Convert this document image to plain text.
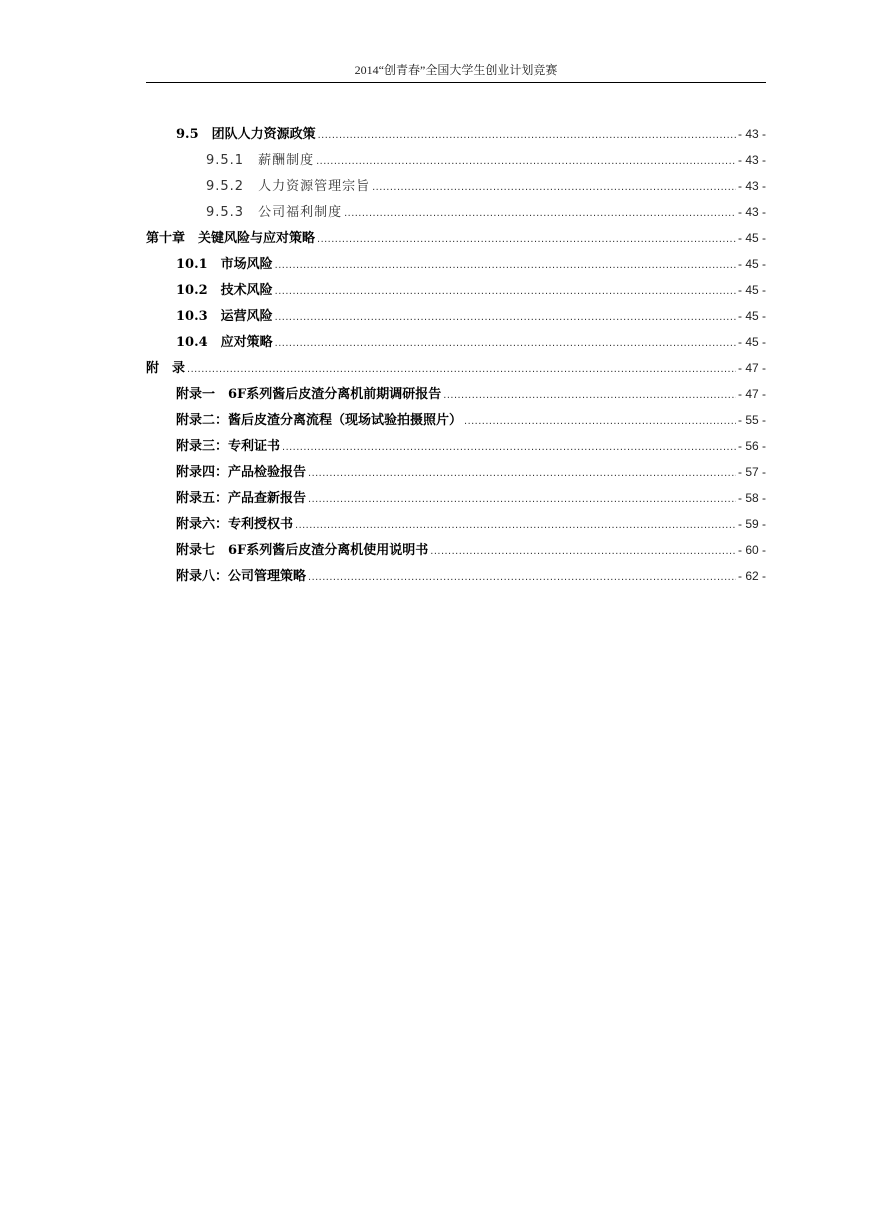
2014“创青春”全国大学生创业计划竞赛
9.5　团队人力资源政策 .....	- 43 -
9.5.1　薪酬制度 .....	- 43 -
9.5.2　人力资源管理宗旨 .....	- 43 -
9.5.3　公司福利制度 .....	- 43 -
第十章　关键风险与应对策略 .....	- 45 -
10.1　市场风险 .....	- 45 -
10.2　技术风险 .....	- 45 -
10.3　运营风险 .....	- 45 -
10.4　应对策略 .....	- 45 -
附　录 .....	- 47 -
附录一　6F系列酱后皮渣分离机前期调研报告 .....	- 47 -
附录二：酱后皮渣分离流程（现场试验拍摄照片） .....	- 55 -
附录三：专利证书 .....	- 56 -
附录四：产品检验报告 .....	- 57 -
附录五：产品查新报告 .....	- 58 -
附录六：专利授权书 .....	- 59 -
附录七　6F系列酱后皮渣分离机使用说明书 .....	- 60 -
附录八：公司管理策略 .....	- 62 -
